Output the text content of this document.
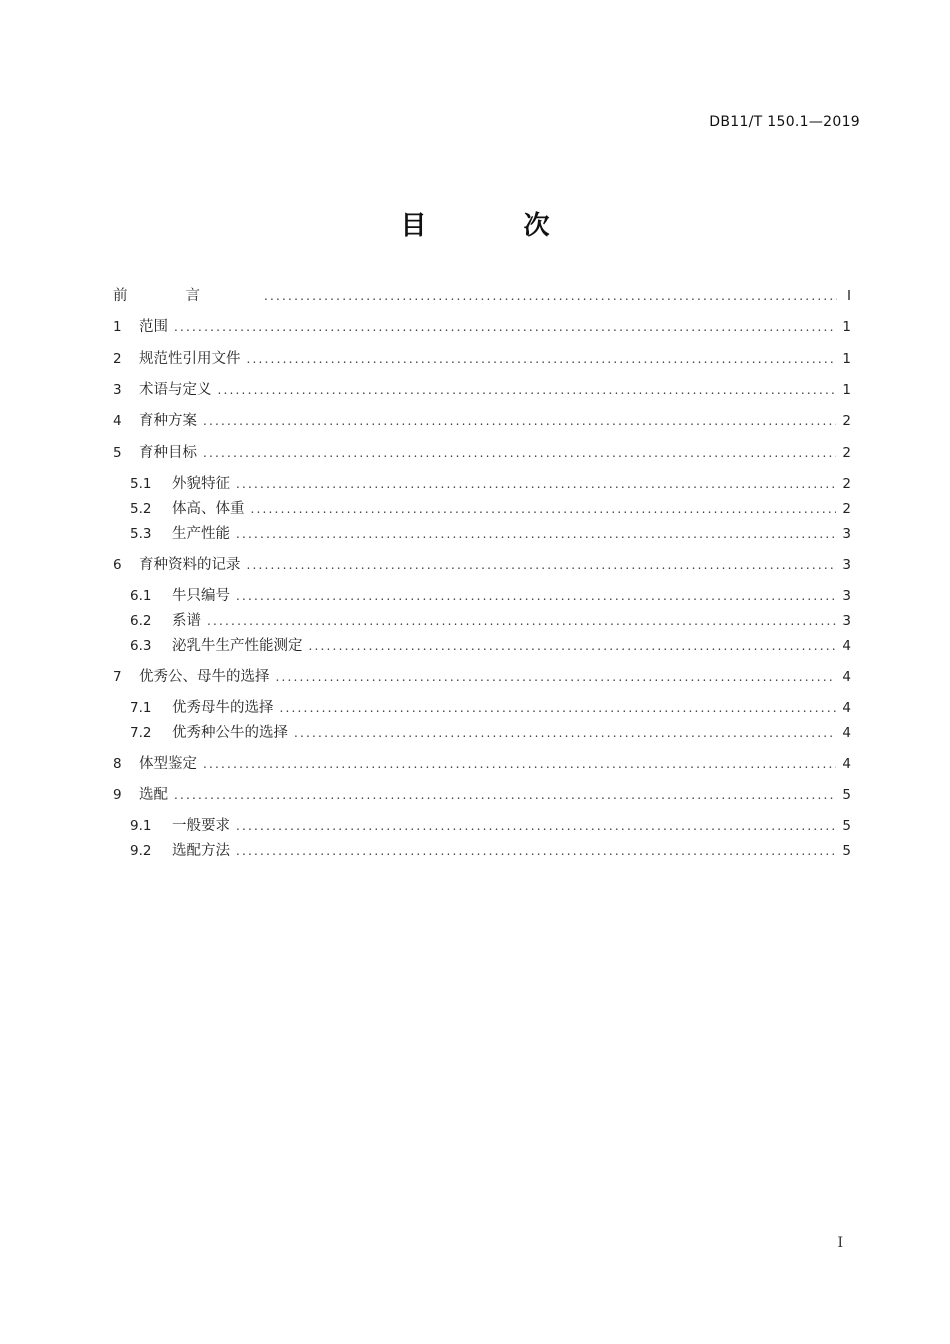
DB11/T 150.1—2019
目 次
前言 .....	I
1	范围 .....	1
2	规范性引用文件 .....	1
3	术语与定义 .....	1
4	育种方案 .....	2
5	育种目标 .....	2
5.1	外貌特征 .....	2
5.2	体高、体重 .....	2
5.3	生产性能 .....	3
6	育种资料的记录 .....	3
6.1	牛只编号 .....	3
6.2	系谱 .....	3
6.3	泌乳牛生产性能测定 .....	4
7	优秀公、母牛的选择 .....	4
7.1	优秀母牛的选择 .....	4
7.2	优秀种公牛的选择 .....	4
8	体型鉴定 .....	4
9	选配 .....	5
9.1	一般要求 .....	5
9.2	选配方法 .....	5
I
